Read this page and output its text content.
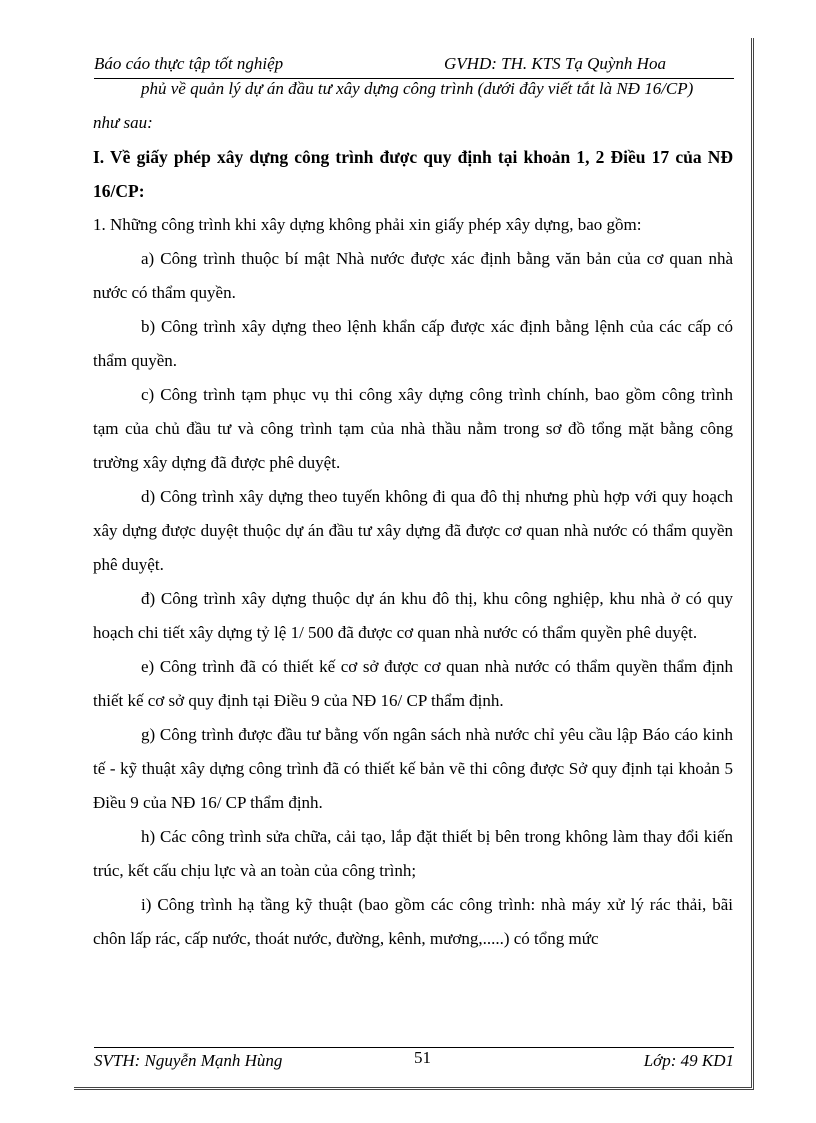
Báo cáo thực tập tốt nghiệp	GVHD: TH. KTS Tạ Quỳnh Hoa

phủ về quản lý dự án đầu tư xây dựng công trình (dưới đây viết tắt là NĐ 16/CP)

như sau:

I. Về giấy phép xây dựng công trình được quy định tại khoản 1, 2 Điều 17 của NĐ 16/CP:

1. Những công trình khi xây dựng không phải xin giấy phép xây dựng, bao gồm:

a) Công trình thuộc bí mật Nhà nước được xác định bằng văn bản của cơ quan nhà nước có thẩm quyền.

b) Công trình xây dựng theo lệnh khẩn cấp được xác định bằng lệnh của các cấp có thẩm quyền.

c) Công trình tạm phục vụ thi công xây dựng công trình chính, bao gồm công trình tạm của chủ đầu tư và công trình tạm của nhà thầu nằm trong sơ đồ tổng mặt bằng công trường xây dựng đã được phê duyệt.

d) Công trình xây dựng theo tuyến không đi qua đô thị nhưng phù hợp với quy hoạch xây dựng được duyệt thuộc dự án đầu tư xây dựng đã được cơ quan nhà nước có thẩm quyền phê duyệt.

đ) Công trình xây dựng thuộc dự án khu đô thị, khu công nghiệp, khu nhà ở có quy hoạch chi tiết xây dựng tỷ lệ 1/ 500 đã được cơ quan nhà nước có thẩm quyền phê duyệt.

e) Công trình đã có thiết kế cơ sở được cơ quan nhà nước có thẩm quyền thẩm định thiết kế cơ sở quy định tại Điều 9 của NĐ 16/ CP thẩm định.

g) Công trình được đầu tư bằng vốn ngân sách nhà nước chỉ yêu cầu lập Báo cáo kinh tế - kỹ thuật xây dựng công trình đã có thiết kế bản vẽ thi công được Sở quy định tại khoản 5 Điều 9 của NĐ 16/ CP thẩm định.

h) Các công trình sửa chữa, cải tạo, lắp đặt thiết bị bên trong không làm thay đổi kiến trúc, kết cấu chịu lực và an toàn của công trình;

i) Công trình hạ tầng kỹ thuật (bao gồm các công trình: nhà máy xử lý rác thải, bãi chôn lấp rác, cấp nước, thoát nước, đường, kênh, mương,.....) có tổng mức

SVTH: Nguyễn Mạnh Hùng	51	Lớp: 49 KD1
